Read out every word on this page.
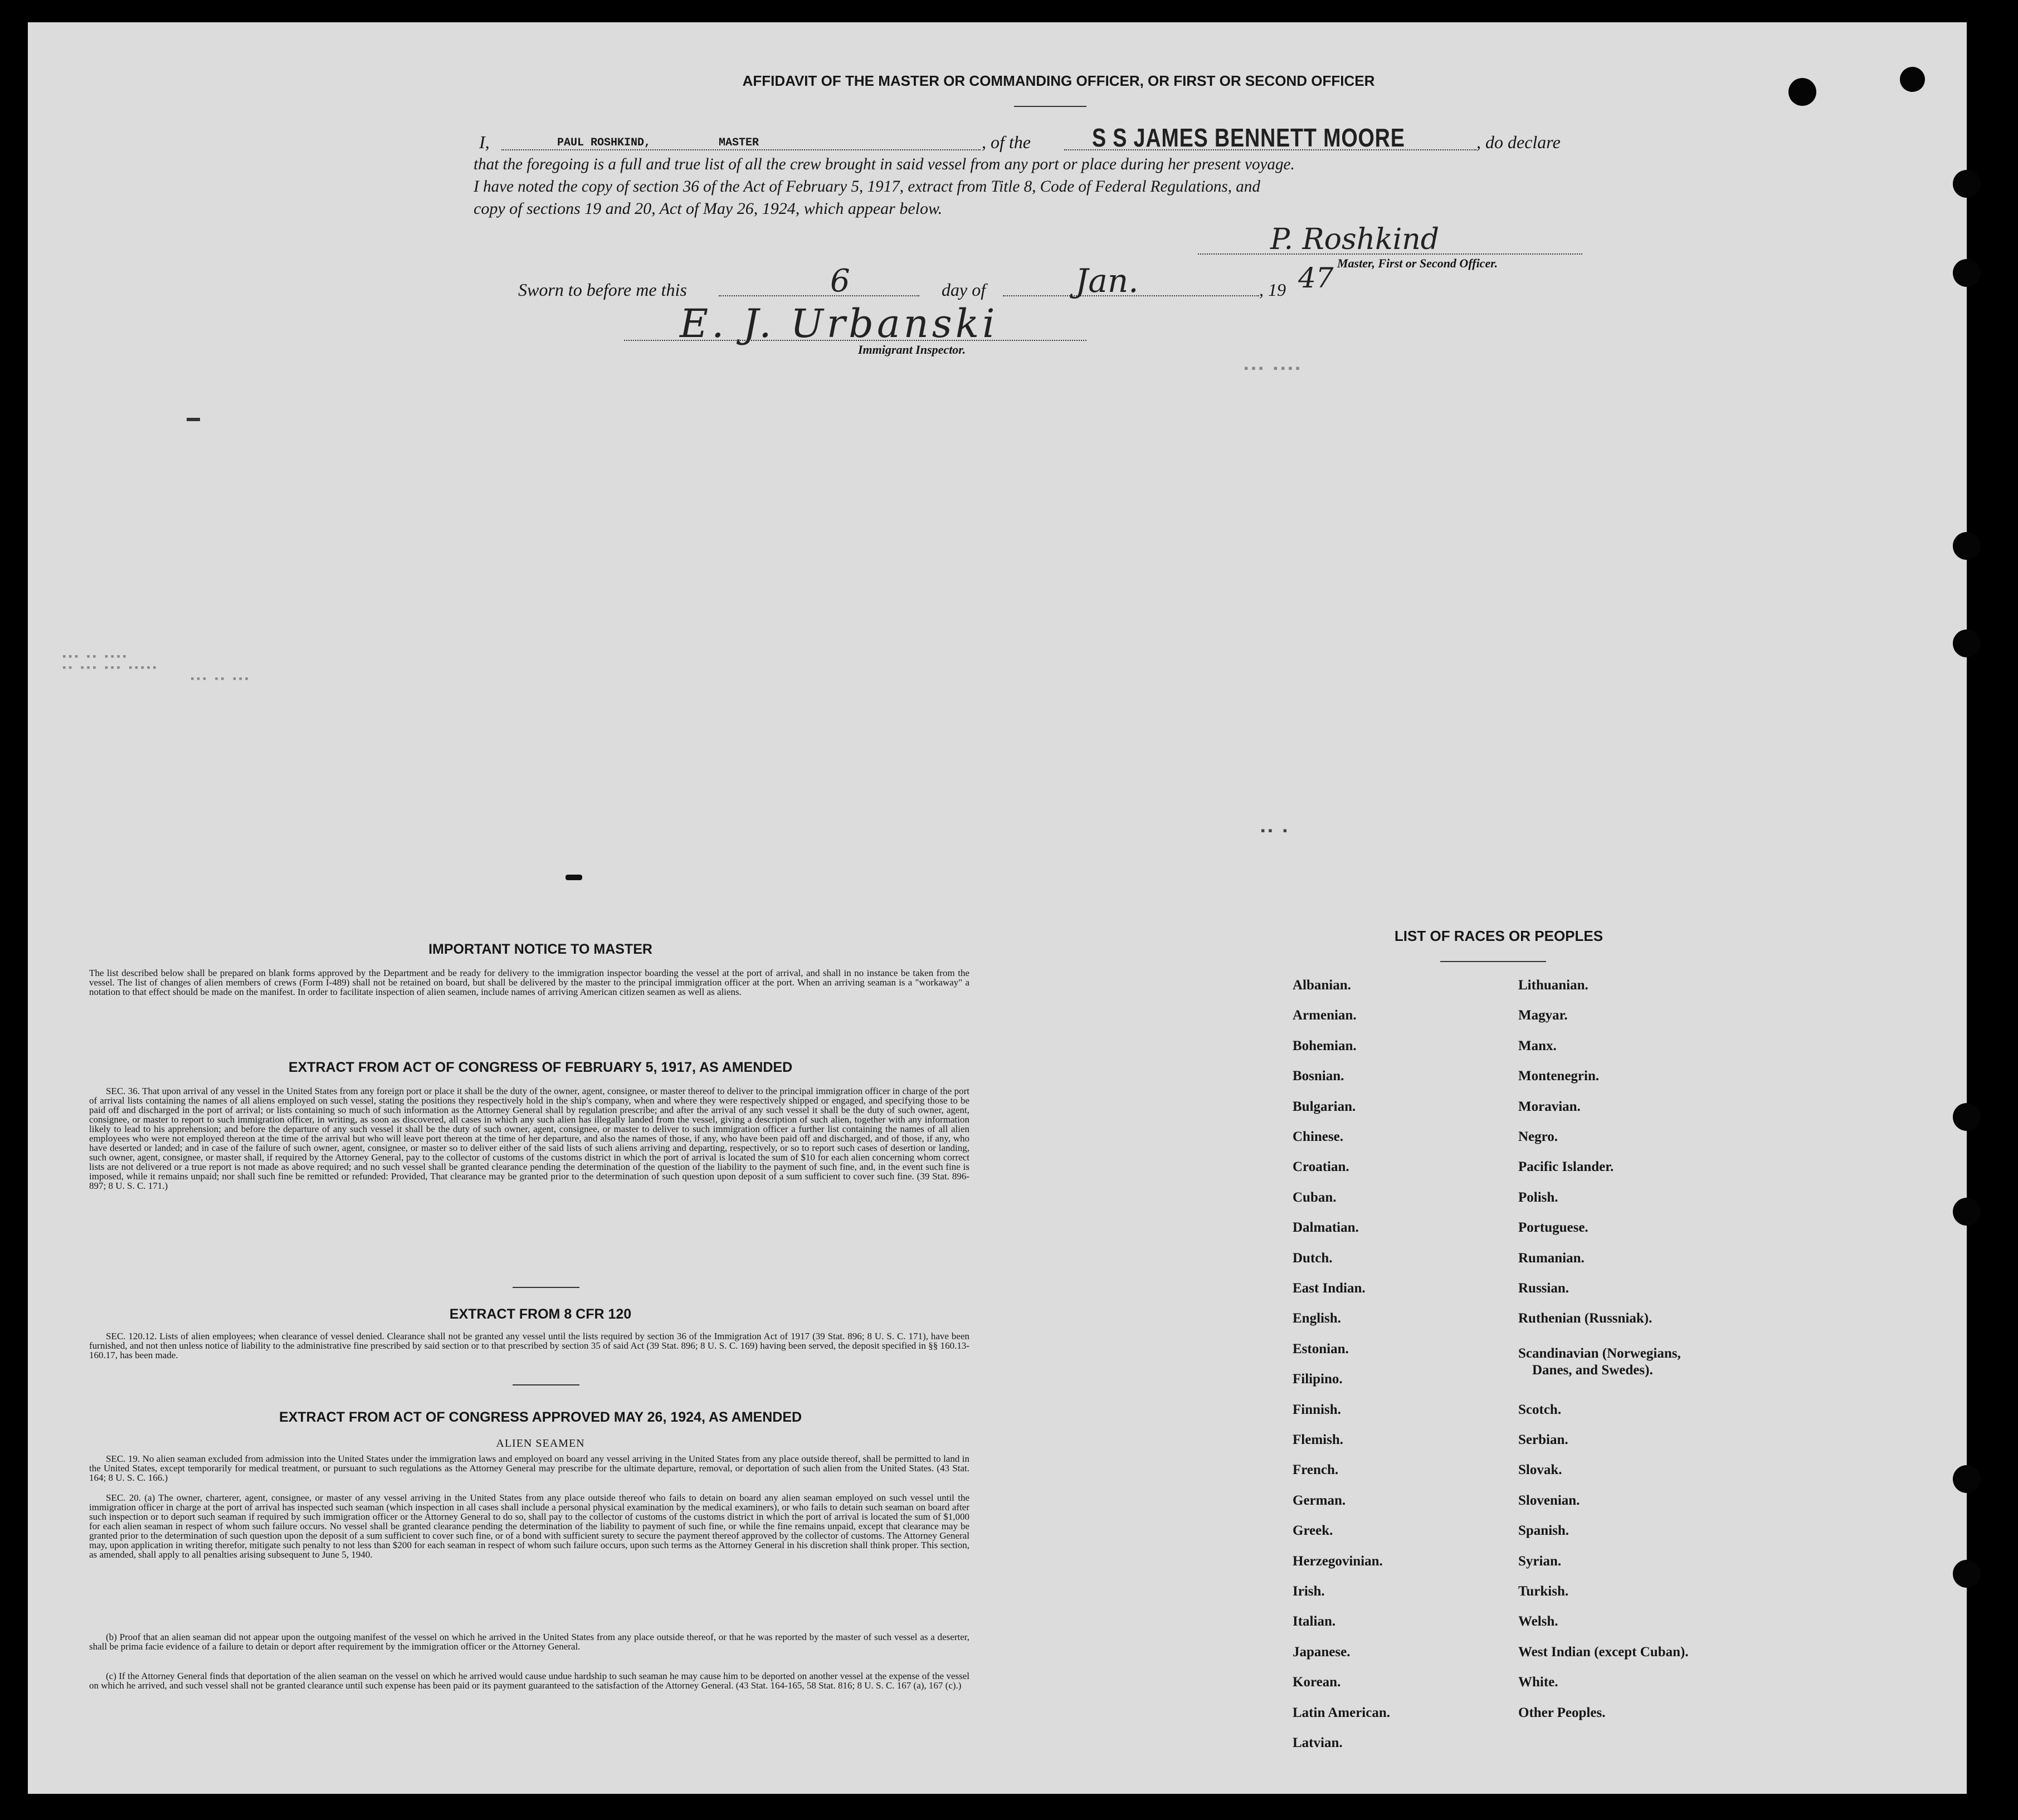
AFFIDAVIT OF THE MASTER OR COMMANDING OFFICER, OR FIRST OR SECOND OFFICER
I,	PAUL ROSHKIND,	MASTER	, of the S S JAMES BENNETT MOORE	, do declare
that the foregoing is a full and true list of all the crew brought in said vessel from any port or place during her present voyage.
I have noted the copy of section 36 of the Act of February 5, 1917, extract from Title 8, Code of Federal Regulations, and
copy of sections 19 and 20, Act of May 26, 1924, which appear below.
P. Roshkind
Master, First or Second Officer.
Sworn to before me this	6	day of	Jan.	, 19 47
E. J. Urbanski
Immigrant Inspector.
▪▪▪ ▪▪ ▪▪▪▪
▪▪ ▪▪▪ ▪▪▪ ▪▪▪▪▪
▪▪▪ ▪▪ ▪▪▪
▪▪▪ ▪▪▪▪
▪▪ ▪
IMPORTANT NOTICE TO MASTER
The list described below shall be prepared on blank forms approved by the Department and be ready for delivery to the immigration inspector boarding the vessel at the port of arrival, and shall in no instance be taken from the vessel. The list of changes of alien members of crews (Form I-489) shall not be retained on board, but shall be delivered by the master to the principal immigration officer at the port. When an arriving seaman is a "workaway" a notation to that effect should be made on the manifest. In order to facilitate inspection of alien seamen, include names of arriving American citizen seamen as well as aliens.
EXTRACT FROM ACT OF CONGRESS OF FEBRUARY 5, 1917, AS AMENDED
SEC. 36. That upon arrival of any vessel in the United States from any foreign port or place it shall be the duty of the owner, agent, consignee, or master thereof to deliver to the principal immigration officer in charge of the port of arrival lists containing the names of all aliens employed on such vessel, stating the positions they respectively hold in the ship's company, when and where they were respectively shipped or engaged, and specifying those to be paid off and discharged in the port of arrival; or lists containing so much of such information as the Attorney General shall by regulation prescribe; and after the arrival of any such vessel it shall be the duty of such owner, agent, consignee, or master to report to such immigration officer, in writing, as soon as discovered, all cases in which any such alien has illegally landed from the vessel, giving a description of such alien, together with any information likely to lead to his apprehension; and before the departure of any such vessel it shall be the duty of such owner, agent, consignee, or master to deliver to such immigration officer a further list containing the names of all alien employees who were not employed thereon at the time of the arrival but who will leave port thereon at the time of her departure, and also the names of those, if any, who have been paid off and discharged, and of those, if any, who have deserted or landed; and in case of the failure of such owner, agent, consignee, or master so to deliver either of the said lists of such aliens arriving and departing, respectively, or so to report such cases of desertion or landing, such owner, agent, consignee, or master shall, if required by the Attorney General, pay to the collector of customs of the customs district in which the port of arrival is located the sum of $10 for each alien concerning whom correct lists are not delivered or a true report is not made as above required; and no such vessel shall be granted clearance pending the determination of the question of the liability to the payment of such fine, and, in the event such fine is imposed, while it remains unpaid; nor shall such fine be remitted or refunded: Provided, That clearance may be granted prior to the determination of such question upon deposit of a sum sufficient to cover such fine. (39 Stat. 896-897; 8 U. S. C. 171.)
EXTRACT FROM 8 CFR 120
SEC. 120.12. Lists of alien employees; when clearance of vessel denied. Clearance shall not be granted any vessel until the lists required by section 36 of the Immigration Act of 1917 (39 Stat. 896; 8 U. S. C. 171), have been furnished, and not then unless notice of liability to the administrative fine prescribed by said section or to that prescribed by section 35 of said Act (39 Stat. 896; 8 U. S. C. 169) having been served, the deposit specified in §§ 160.13-160.17, has been made.
EXTRACT FROM ACT OF CONGRESS APPROVED MAY 26, 1924, AS AMENDED
ALIEN SEAMEN
SEC. 19. No alien seaman excluded from admission into the United States under the immigration laws and employed on board any vessel arriving in the United States from any place outside thereof, shall be permitted to land in the United States, except temporarily for medical treatment, or pursuant to such regulations as the Attorney General may prescribe for the ultimate departure, removal, or deportation of such alien from the United States. (43 Stat. 164; 8 U. S. C. 166.)
SEC. 20. (a) The owner, charterer, agent, consignee, or master of any vessel arriving in the United States from any place outside thereof who fails to detain on board any alien seaman employed on such vessel until the immigration officer in charge at the port of arrival has inspected such seaman (which inspection in all cases shall include a personal physical examination by the medical examiners), or who fails to detain such seaman on board after such inspection or to deport such seaman if required by such immigration officer or the Attorney General to do so, shall pay to the collector of customs of the customs district in which the port of arrival is located the sum of $1,000 for each alien seaman in respect of whom such failure occurs. No vessel shall be granted clearance pending the determination of the liability to payment of such fine, or while the fine remains unpaid, except that clearance may be granted prior to the determination of such question upon the deposit of a sum sufficient to cover such fine, or of a bond with sufficient surety to secure the payment thereof approved by the collector of customs. The Attorney General may, upon application in writing therefor, mitigate such penalty to not less than $200 for each seaman in respect of whom such failure occurs, upon such terms as the Attorney General in his discretion shall think proper. This section, as amended, shall apply to all penalties arising subsequent to June 5, 1940.
(b) Proof that an alien seaman did not appear upon the outgoing manifest of the vessel on which he arrived in the United States from any place outside thereof, or that he was reported by the master of such vessel as a deserter, shall be prima facie evidence of a failure to detain or deport after requirement by the immigration officer or the Attorney General.
(c) If the Attorney General finds that deportation of the alien seaman on the vessel on which he arrived would cause undue hardship to such seaman he may cause him to be deported on another vessel at the expense of the vessel on which he arrived, and such vessel shall not be granted clearance until such expense has been paid or its payment guaranteed to the satisfaction of the Attorney General. (43 Stat. 164-165, 58 Stat. 816; 8 U. S. C. 167 (a), 167 (c).)
LIST OF RACES OR PEOPLES
Albanian.
Armenian.
Bohemian.
Bosnian.
Bulgarian.
Chinese.
Croatian.
Cuban.
Dalmatian.
Dutch.
East Indian.
English.
Estonian.
Filipino.
Finnish.
Flemish.
French.
German.
Greek.
Herzegovinian.
Irish.
Italian.
Japanese.
Korean.
Latin American.
Latvian.
Lithuanian.
Magyar.
Manx.
Montenegrin.
Moravian.
Negro.
Pacific Islander.
Polish.
Portuguese.
Rumanian.
Russian.
Ruthenian (Russniak).
Scandinavian (Norwegians,
Danes, and Swedes).
Scotch.
Serbian.
Slovak.
Slovenian.
Spanish.
Syrian.
Turkish.
Welsh.
West Indian (except Cuban).
White.
Other Peoples.
